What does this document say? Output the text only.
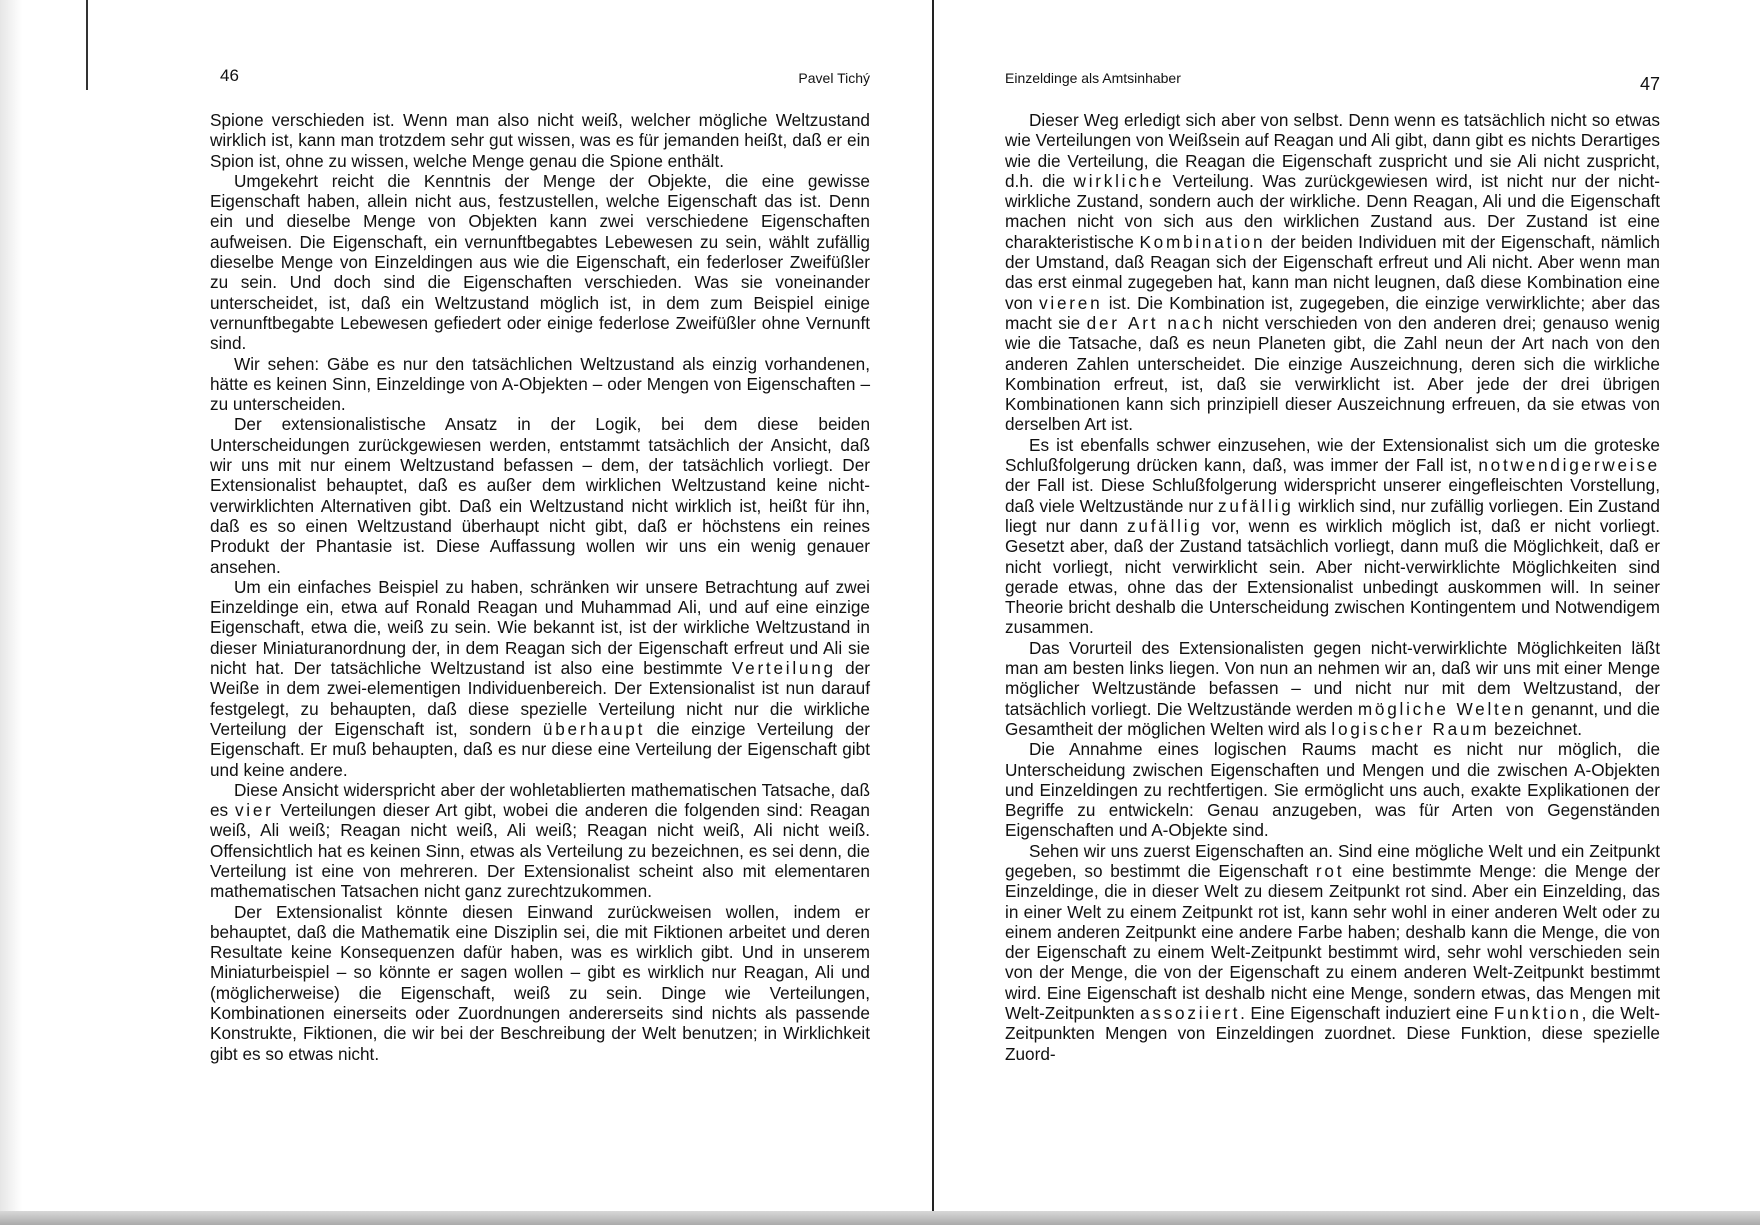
46	Pavel Tichý

Spione verschieden ist. Wenn man also nicht weiß, welcher mögliche Weltzustand wirklich ist, kann man trotzdem sehr gut wissen, was es für jemanden heißt, daß er ein Spion ist, ohne zu wissen, welche Menge genau die Spione enthält.

Umgekehrt reicht die Kenntnis der Menge der Objekte, die eine gewisse Eigenschaft haben, allein nicht aus, festzustellen, welche Eigenschaft das ist. Denn ein und dieselbe Menge von Objekten kann zwei verschiedene Eigenschaften aufweisen. Die Eigenschaft, ein vernunftbegabtes Lebewesen zu sein, wählt zufällig dieselbe Menge von Einzeldingen aus wie die Eigenschaft, ein federloser Zweifüßler zu sein. Und doch sind die Eigenschaften verschieden. Was sie voneinander unterscheidet, ist, daß ein Weltzustand möglich ist, in dem zum Beispiel einige vernunftbegabte Lebewesen gefiedert oder einige federlose Zweifüßler ohne Vernunft sind.

Wir sehen: Gäbe es nur den tatsächlichen Weltzustand als einzig vorhandenen, hätte es keinen Sinn, Einzeldinge von A-Objekten – oder Mengen von Eigenschaften – zu unterscheiden.

Der extensionalistische Ansatz in der Logik, bei dem diese beiden Unterscheidungen zurückgewiesen werden, entstammt tatsächlich der Ansicht, daß wir uns mit nur einem Weltzustand befassen – dem, der tatsächlich vorliegt. Der Extensionalist behauptet, daß es außer dem wirklichen Weltzustand keine nicht-verwirklichten Alternativen gibt. Daß ein Weltzustand nicht wirklich ist, heißt für ihn, daß es so einen Weltzustand überhaupt nicht gibt, daß er höchstens ein reines Produkt der Phantasie ist. Diese Auffassung wollen wir uns ein wenig genauer ansehen.

Um ein einfaches Beispiel zu haben, schränken wir unsere Betrachtung auf zwei Einzeldinge ein, etwa auf Ronald Reagan und Muhammad Ali, und auf eine einzige Eigenschaft, etwa die, weiß zu sein. Wie bekannt ist, ist der wirkliche Weltzustand in dieser Miniaturanordnung der, in dem Reagan sich der Eigenschaft erfreut und Ali sie nicht hat. Der tatsächliche Weltzustand ist also eine bestimmte Verteilung der Weiße in dem zwei-elementigen Individuenbereich. Der Extensionalist ist nun darauf festgelegt, zu behaupten, daß diese spezielle Verteilung nicht nur die wirkliche Verteilung der Eigenschaft ist, sondern überhaupt die einzige Verteilung der Eigenschaft. Er muß behaupten, daß es nur diese eine Verteilung der Eigenschaft gibt und keine andere.

Diese Ansicht widerspricht aber der wohletablierten mathematischen Tatsache, daß es vier Verteilungen dieser Art gibt, wobei die anderen die folgenden sind: Reagan weiß, Ali weiß; Reagan nicht weiß, Ali weiß; Reagan nicht weiß, Ali nicht weiß. Offensichtlich hat es keinen Sinn, etwas als Verteilung zu bezeichnen, es sei denn, die Verteilung ist eine von mehreren. Der Extensionalist scheint also mit elementaren mathematischen Tatsachen nicht ganz zurechtzukommen.

Der Extensionalist könnte diesen Einwand zurückweisen wollen, indem er behauptet, daß die Mathematik eine Disziplin sei, die mit Fiktionen arbeitet und deren Resultate keine Konsequenzen dafür haben, was es wirklich gibt. Und in unserem Miniaturbeispiel – so könnte er sagen wollen – gibt es wirklich nur Reagan, Ali und (möglicherweise) die Eigenschaft, weiß zu sein. Dinge wie Verteilungen, Kombinationen einerseits oder Zuordnungen andererseits sind nichts als passende Konstrukte, Fiktionen, die wir bei der Beschreibung der Welt benutzen; in Wirklichkeit gibt es so etwas nicht.

Einzeldinge als Amtsinhaber	47

Dieser Weg erledigt sich aber von selbst. Denn wenn es tatsächlich nicht so etwas wie Verteilungen von Weißsein auf Reagan und Ali gibt, dann gibt es nichts Derartiges wie die Verteilung, die Reagan die Eigenschaft zuspricht und sie Ali nicht zuspricht, d.h. die wirkliche Verteilung. Was zurückgewiesen wird, ist nicht nur der nicht-wirkliche Zustand, sondern auch der wirkliche. Denn Reagan, Ali und die Eigenschaft machen nicht von sich aus den wirklichen Zustand aus. Der Zustand ist eine charakteristische Kombination der beiden Individuen mit der Eigenschaft, nämlich der Umstand, daß Reagan sich der Eigenschaft erfreut und Ali nicht. Aber wenn man das erst einmal zugegeben hat, kann man nicht leugnen, daß diese Kombination eine von vieren ist. Die Kombination ist, zugegeben, die einzige verwirklichte; aber das macht sie der Art nach nicht verschieden von den anderen drei; genauso wenig wie die Tatsache, daß es neun Planeten gibt, die Zahl neun der Art nach von den anderen Zahlen unterscheidet. Die einzige Auszeichnung, deren sich die wirkliche Kombination erfreut, ist, daß sie verwirklicht ist. Aber jede der drei übrigen Kombinationen kann sich prinzipiell dieser Auszeichnung erfreuen, da sie etwas von derselben Art ist.

Es ist ebenfalls schwer einzusehen, wie der Extensionalist sich um die groteske Schlußfolgerung drücken kann, daß, was immer der Fall ist, notwendigerweise der Fall ist. Diese Schlußfolgerung widerspricht unserer eingefleischten Vorstellung, daß viele Weltzustände nur zufällig wirklich sind, nur zufällig vorliegen. Ein Zustand liegt nur dann zufällig vor, wenn es wirklich möglich ist, daß er nicht vorliegt. Gesetzt aber, daß der Zustand tatsächlich vorliegt, dann muß die Möglichkeit, daß er nicht vorliegt, nicht verwirklicht sein. Aber nicht-verwirklichte Möglichkeiten sind gerade etwas, ohne das der Extensionalist unbedingt auskommen will. In seiner Theorie bricht deshalb die Unterscheidung zwischen Kontingentem und Notwendigem zusammen.

Das Vorurteil des Extensionalisten gegen nicht-verwirklichte Möglichkeiten läßt man am besten links liegen. Von nun an nehmen wir an, daß wir uns mit einer Menge möglicher Weltzustände befassen – und nicht nur mit dem Weltzustand, der tatsächlich vorliegt. Die Weltzustände werden mögliche Welten genannt, und die Gesamtheit der möglichen Welten wird als logischer Raum bezeichnet.

Die Annahme eines logischen Raums macht es nicht nur möglich, die Unterscheidung zwischen Eigenschaften und Mengen und die zwischen A-Objekten und Einzeldingen zu rechtfertigen. Sie ermöglicht uns auch, exakte Explikationen der Begriffe zu entwickeln: Genau anzugeben, was für Arten von Gegenständen Eigenschaften und A-Objekte sind.

Sehen wir uns zuerst Eigenschaften an. Sind eine mögliche Welt und ein Zeitpunkt gegeben, so bestimmt die Eigenschaft rot eine bestimmte Menge: die Menge der Einzeldinge, die in dieser Welt zu diesem Zeitpunkt rot sind. Aber ein Einzelding, das in einer Welt zu einem Zeitpunkt rot ist, kann sehr wohl in einer anderen Welt oder zu einem anderen Zeitpunkt eine andere Farbe haben; deshalb kann die Menge, die von der Eigenschaft zu einem Welt-Zeitpunkt bestimmt wird, sehr wohl verschieden sein von der Menge, die von der Eigenschaft zu einem anderen Welt-Zeitpunkt bestimmt wird. Eine Eigenschaft ist deshalb nicht eine Menge, sondern etwas, das Mengen mit Welt-Zeitpunkten assoziiert. Eine Eigenschaft induziert eine Funktion, die Welt-Zeitpunkten Mengen von Einzeldingen zuordnet. Diese Funktion, diese spezielle Zuord-
